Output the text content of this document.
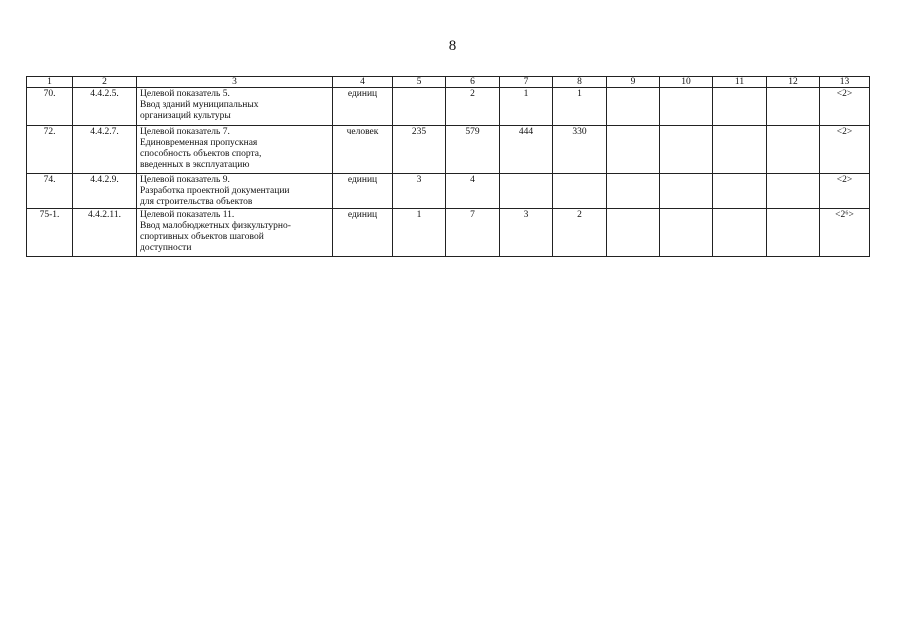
8
1	2	3	4	5	6	7	8	9	10	11	12	13
70.	4.4.2.5.	Целевой показатель 5.
Ввод зданий муниципальных
организаций культуры	единиц		2	1	1					<2>
72.	4.4.2.7.	Целевой показатель 7.
Единовременная пропускная
способность объектов спорта,
введенных в эксплуатацию	человек	235	579	444	330					<2>
74.	4.4.2.9.	Целевой показатель 9.
Разработка проектной документации
для строительства объектов	единиц	3	4							<2>
75-1.	4.4.2.11.	Целевой показатель 11.
Ввод малобюджетных физкультурно-
спортивных объектов шаговой
доступности	единиц	1	7	3	2					<2⁶>
